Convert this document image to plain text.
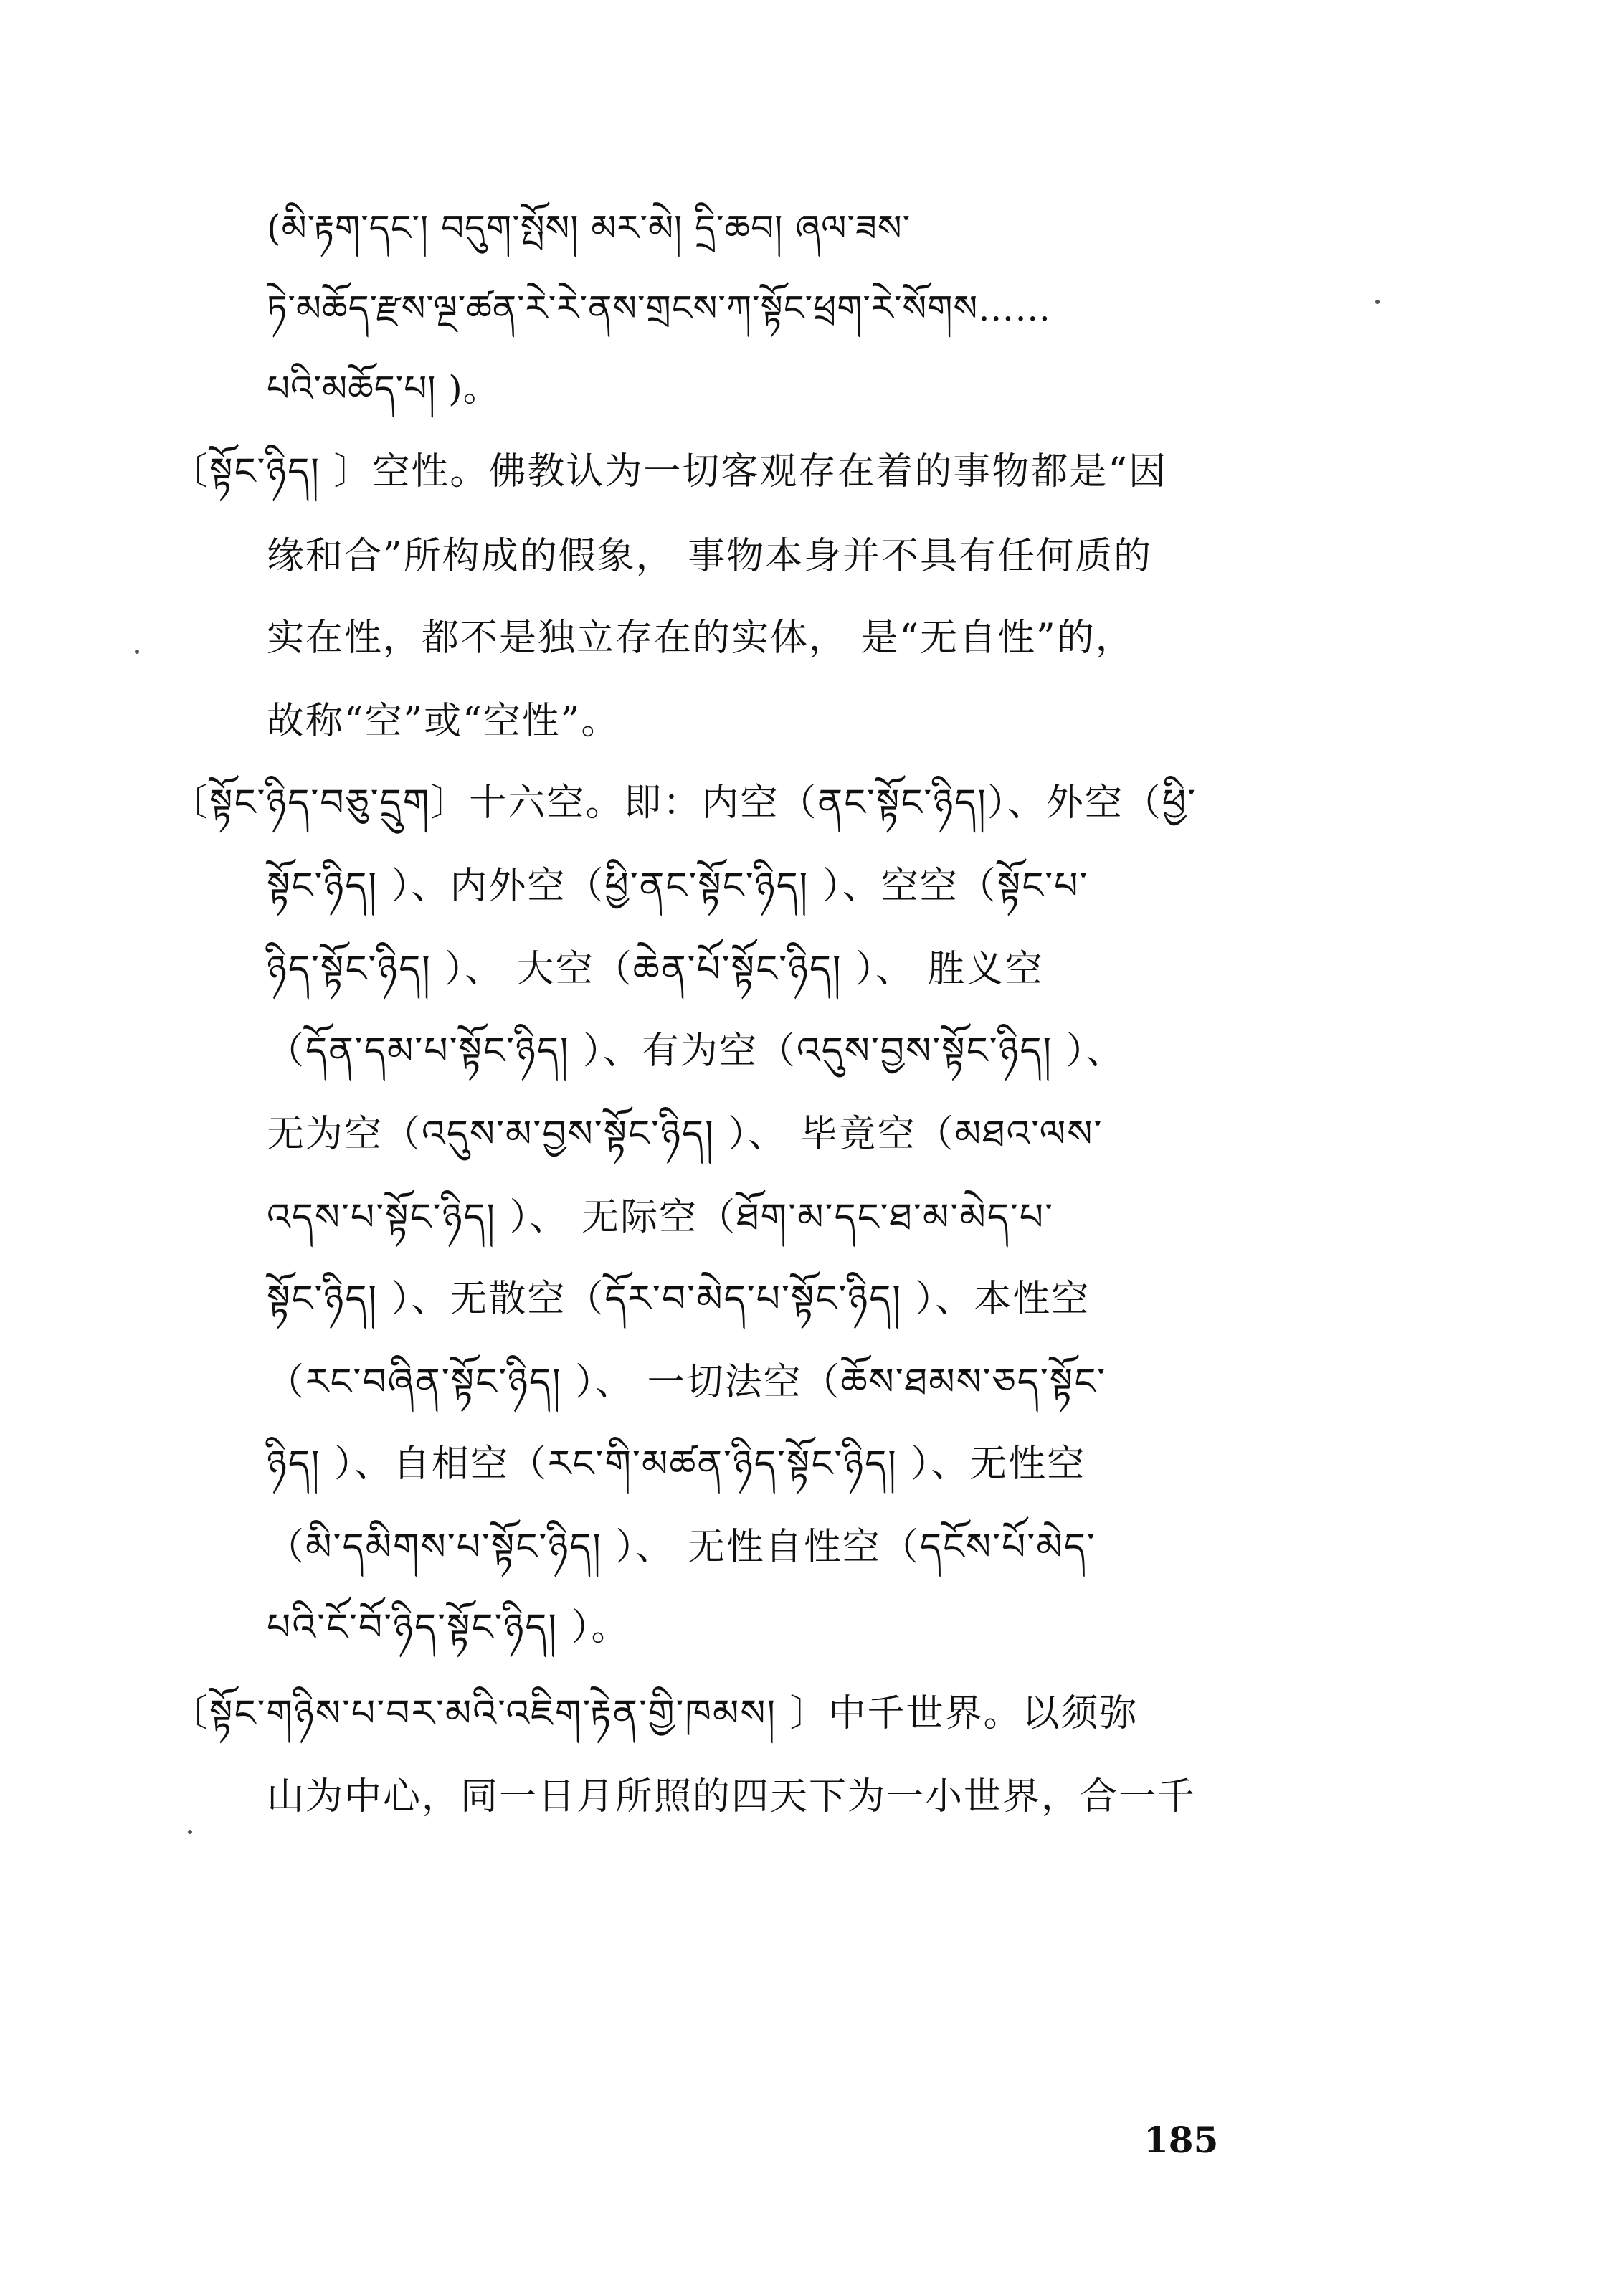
(མི་རྟག་དང་། བདུག་སྤོས། མར་མེ། དྲི་ཆབ། ཞལ་ཟས་
ཏེ་མཆོད་རྫས་ལྔ་ཚན་རེ་རེ་ནས་གྲངས་ཀ་སྟོང་ཕྲག་རེ་སོགས……
པའི་མཆོད་པ། )。
〔སྟོང་ཉིད། 〕空性。佛教认为一切客观存在着的事物都是“因
缘和合”所构成的假象， 事物本身并不具有任何质的
实在性，都不是独立存在的实体， 是“无自性”的，
故称“空”或“空性”。
〔སྟོང་ཉིད་བཅུ་དྲུག〕十六空。即：内空（ནང་སྟོང་ཉིད།）、外空（ཕྱི་
སྟོང་ཉིད། ）、内外空（ཕྱི་ནང་སྟོང་ཉིད། ）、空空（སྟོང་པ་
ཉིད་སྟོང་ཉིད། ）、 大空（ཆེན་པོ་སྟོང་ཉིད། ）、 胜义空
（དོན་དམ་པ་སྟོང་ཉིད། ）、有为空（འདུས་བྱས་སྟོང་ཉིད། ）、
无为空（འདུས་མ་བྱས་སྟོང་ཉིད། ）、 毕竟空（མཐའ་ལས་
འདས་པ་སྟོང་ཉིད། ）、 无际空（ཐོག་མ་དང་ཐ་མ་མེད་པ་
སྟོང་ཉིད། ）、无散空（དོར་བ་མེད་པ་སྟོང་ཉིད། ）、本性空
（རང་བཞིན་སྟོང་ཉིད། ）、 一切法空（ཆོས་ཐམས་ཅད་སྟོང་
ཉིད། ）、自相空（རང་གི་མཚན་ཉིད་སྟོང་ཉིད། ）、无性空
（མི་དམིགས་པ་སྟོང་ཉིད། ）、 无性自性空（དངོས་པོ་མེད་
པའི་ངོ་བོ་ཉིད་སྟོང་ཉིད། ）。
〔སྟོང་གཉིས་པ་བར་མའི་འཇིག་རྟེན་གྱི་ཁམས། 〕中千世界。以须弥
山为中心，同一日月所照的四天下为一小世界，合一千
185
